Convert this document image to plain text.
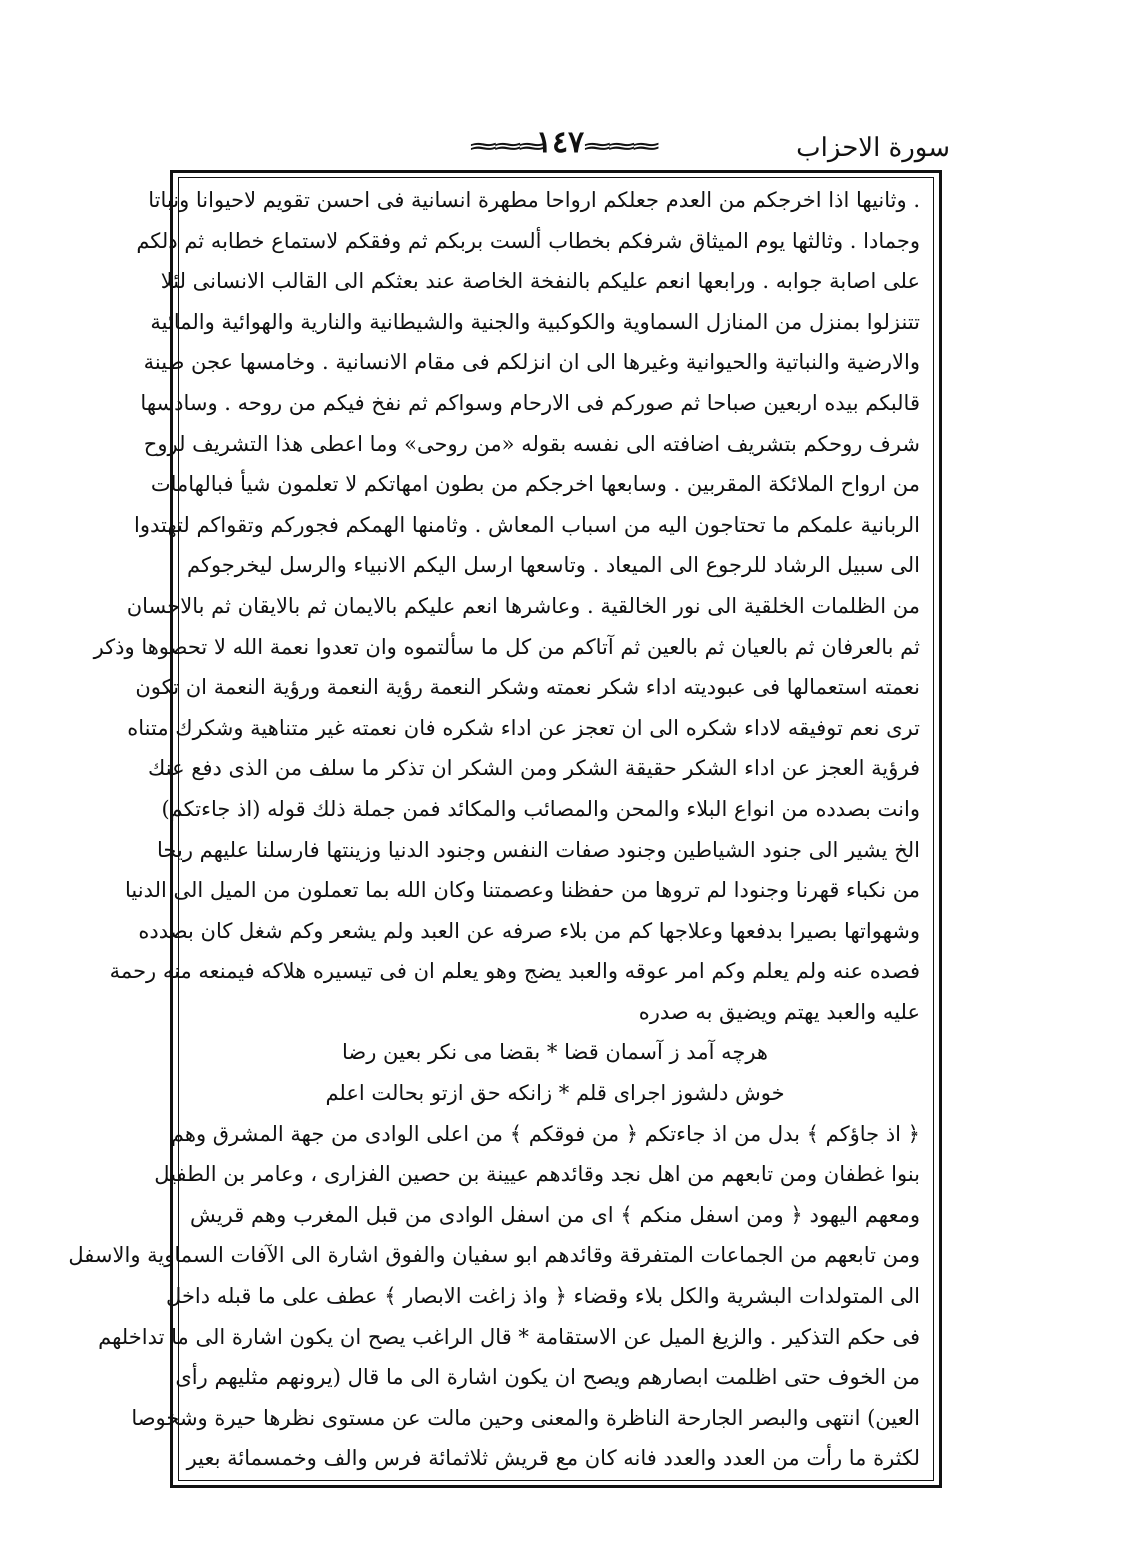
سورة الاحزاب
≈≈≈١٤٧≈≈≈
. وثانيها اذا اخرجكم من العدم جعلكم ارواحا مطهرة انسانية فى احسن تقويم لاحيوانا ونباتا
وجمادا . وثالثها يوم الميثاق شرفكم بخطاب ألست بربكم ثم وفقكم لاستماع خطابه ثم دلكم
على اصابة جوابه . ورابعها انعم عليكم بالنفخة الخاصة عند بعثكم الى القالب الانسانى لئلا
تتنزلوا بمنزل من المنازل السماوية والكوكبية والجنية والشيطانية والنارية والهوائية والمائية
والارضية والنباتية والحيوانية وغيرها الى ان انزلكم فى مقام الانسانية . وخامسها عجن طينة
قالبكم بيده اربعين صباحا ثم صوركم فى الارحام وسواكم ثم نفخ فيكم من روحه . وسادسها
شرف روحكم بتشريف اضافته الى نفسه بقوله «من روحى» وما اعطى هذا التشريف لروح
من ارواح الملائكة المقربين . وسابعها اخرجكم من بطون امهاتكم لا تعلمون شيأ فبالهامات
الربانية علمكم ما تحتاجون اليه من اسباب المعاش . وثامنها الهمكم فجوركم وتقواكم لتهتدوا
الى سبيل الرشاد للرجوع الى الميعاد . وتاسعها ارسل اليكم الانبياء والرسل ليخرجوكم
من الظلمات الخلقية الى نور الخالقية . وعاشرها انعم عليكم بالايمان ثم بالايقان ثم بالاحسان
ثم بالعرفان ثم بالعيان ثم بالعين ثم آتاكم من كل ما سألتموه وان تعدوا نعمة الله لا تحصوها وذكر
نعمته استعمالها فى عبوديته اداء شكر نعمته وشكر النعمة رؤية النعمة ورؤية النعمة ان تكون
ترى نعم توفيقه لاداء شكره الى ان تعجز عن اداء شكره فان نعمته غير متناهية وشكرك متناه
فرؤية العجز عن اداء الشكر حقيقة الشكر ومن الشكر ان تذكر ما سلف من الذى دفع عنك
وانت بصدده من انواع البلاء والمحن والمصائب والمكائد فمن جملة ذلك قوله (اذ جاءتكم)
الخ يشير الى جنود الشياطين وجنود صفات النفس وجنود الدنيا وزينتها فارسلنا عليهم ريحا
من نكباء قهرنا وجنودا لم تروها من حفظنا وعصمتنا وكان الله بما تعملون من الميل الى الدنيا
وشهواتها بصيرا بدفعها وعلاجها كم من بلاء صرفه عن العبد ولم يشعر وكم شغل كان بصدده
فصده عنه ولم يعلم وكم امر عوقه والعبد يضج وهو يعلم ان فى تيسيره هلاكه فيمنعه منه رحمة
عليه والعبد يهتم ويضيق به صدره
هرچه آمد ز آسمان قضا * بقضا مى نكر بعين رضا
خوش دلشوز اجراى قلم * زانكه حق ازتو بحالت اعلم
﴿ اذ جاؤكم ﴾ بدل من اذ جاءتكم ﴿ من فوقكم ﴾ من اعلى الوادى من جهة المشرق وهم
بنوا غطفان ومن تابعهم من اهل نجد وقائدهم عيينة بن حصين الفزارى ، وعامر بن الطفيل
ومعهم اليهود ﴿ ومن اسفل منكم ﴾ اى من اسفل الوادى من قبل المغرب وهم قريش
ومن تابعهم من الجماعات المتفرقة وقائدهم ابو سفيان والفوق اشارة الى الآفات السماوية والاسفل
الى المتولدات البشرية والكل بلاء وقضاء ﴿ واذ زاغت الابصار ﴾ عطف على ما قبله داخل
فى حكم التذكير . والزيغ الميل عن الاستقامة * قال الراغب يصح ان يكون اشارة الى ما تداخلهم
من الخوف حتى اظلمت ابصارهم ويصح ان يكون اشارة الى ما قال (يرونهم مثليهم رأى
العين) انتهى والبصر الجارحة الناظرة والمعنى وحين مالت عن مستوى نظرها حيرة وشخوصا
لكثرة ما رأت من العدد والعدد فانه كان مع قريش ثلاثمائة فرس والف وخمسمائة بعير
